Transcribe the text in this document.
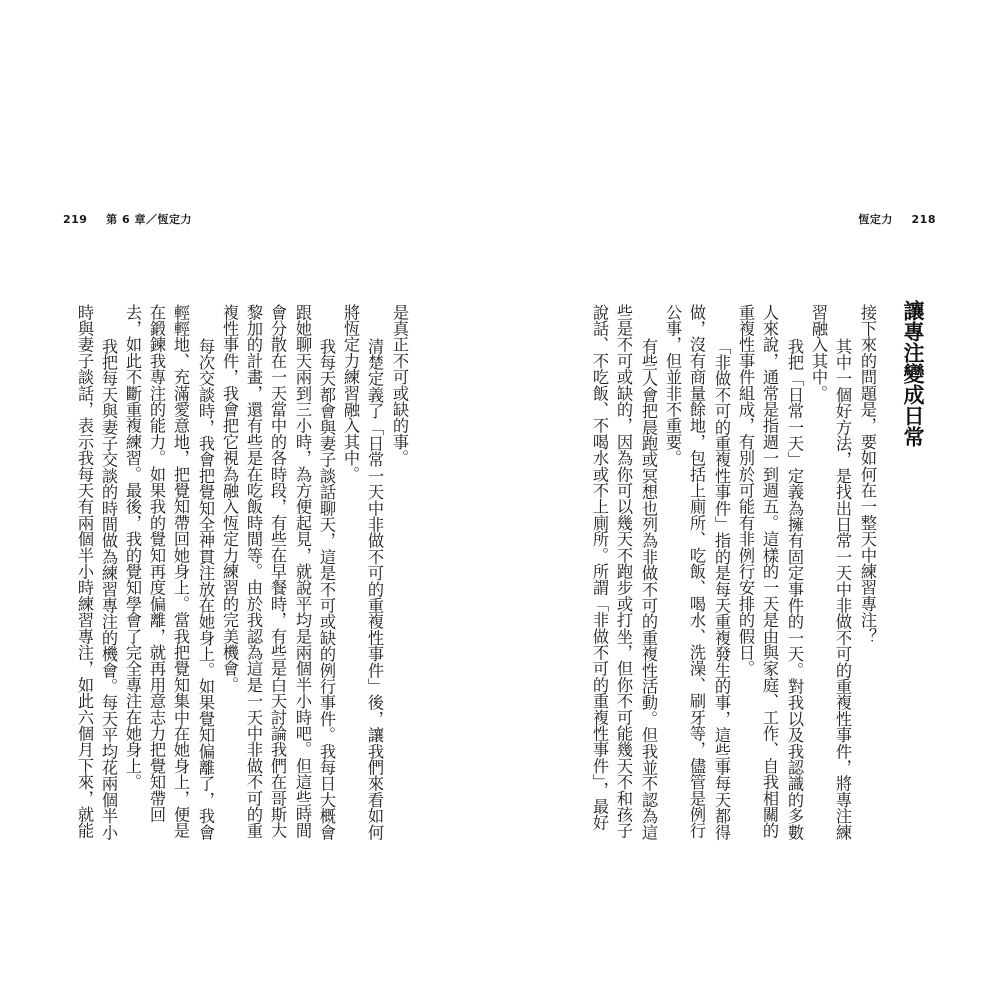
219 第 6 章／恆定力	恆定力 218
讓專注變成日常
接下來的問題是，要如何在一整天中練習專注？
其中一個好方法，是找出日常一天中非做不可的重複性事件，將專注練
習融入其中。
我把「日常一天」定義為擁有固定事件的一天。對我以及我認識的多數
人來說，通常是指週一到週五。這樣的一天是由與家庭、工作、自我相關的
重複性事件組成，有別於可能有非例行安排的假日。
「非做不可的重複性事件」指的是每天重複發生的事，這些事每天都得
做，沒有商量餘地，包括上廁所、吃飯、喝水、洗澡、刷牙等，儘管是例行
公事，但並非不重要。
有些人會把晨跑或冥想也列為非做不可的重複性活動。但我並不認為這
些是不可或缺的，因為你可以幾天不跑步或打坐，但你不可能幾天不和孩子
說話、不吃飯、不喝水或不上廁所。所謂「非做不可的重複性事件」，最好
是真正不可或缺的事。
清楚定義了「日常一天中非做不可的重複性事件」後，讓我們來看如何
將恆定力練習融入其中。
我每天都會與妻子談話聊天，這是不可或缺的例行事件。我每日大概會
跟她聊天兩到三小時，為方便起見，就說平均是兩個半小時吧。但這些時間
會分散在一天當中的各時段，有些在早餐時，有些是白天討論我們在哥斯大
黎加的計畫，還有些是在吃飯時間等。由於我認為這是一天中非做不可的重
複性事件，我會把它視為融入恆定力練習的完美機會。
每次交談時，我會把覺知全神貫注放在她身上。如果覺知偏離了，我會
輕輕地、充滿愛意地，把覺知帶回她身上。當我把覺知集中在她身上，便是
在鍛鍊我專注的能力。如果我的覺知再度偏離，就再用意志力把覺知帶回
去，如此不斷重複練習。最後，我的覺知學會了完全專注在她身上。
我把每天與妻子交談的時間做為練習專注的機會。每天平均花兩個半小
時與妻子談話，表示我每天有兩個半小時練習專注，如此六個月下來，就能
